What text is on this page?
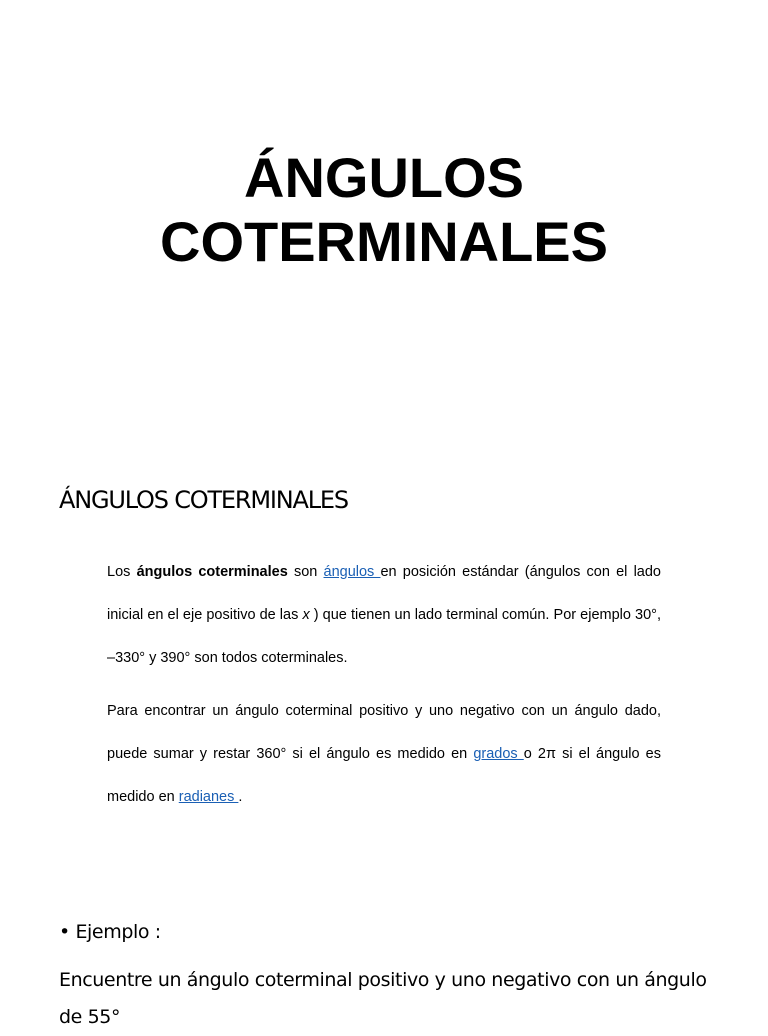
ÁNGULOS
COTERMINALES
ÁNGULOS COTERMINALES

Los ángulos coterminales son ángulos en posición estándar (ángulos con el lado inicial en el eje positivo de las x ) que tienen un lado terminal común. Por ejemplo 30°, –330° y 390° son todos coterminales.

Para encontrar un ángulo coterminal positivo y uno negativo con un ángulo dado, puede sumar y restar 360° si el ángulo es medido en grados o 2π si el ángulo es medido en radianes .

• Ejemplo :

Encuentre un ángulo coterminal positivo y uno negativo con un ángulo de 55°
